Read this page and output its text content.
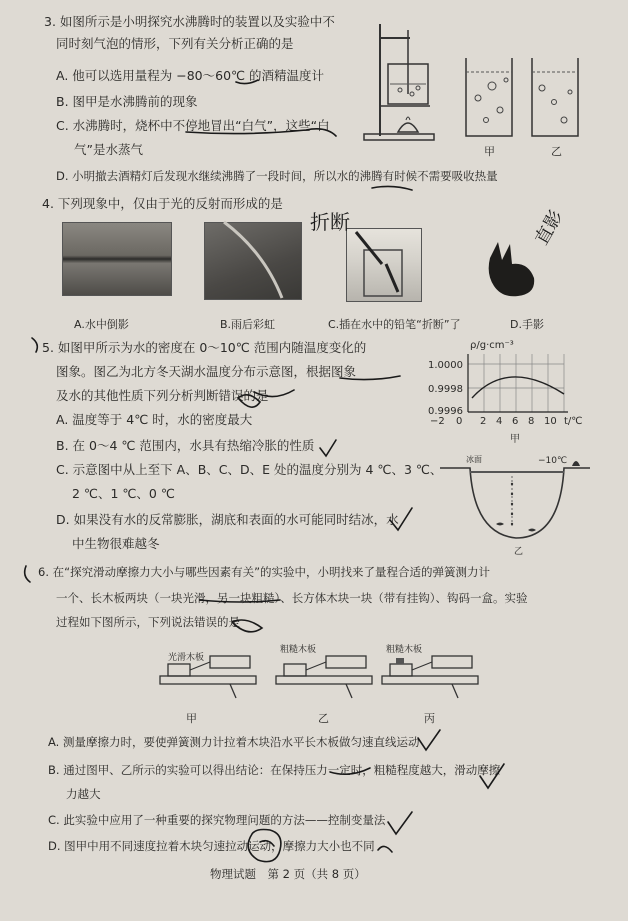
3. 如图所示是小明探究水沸腾时的装置以及实验中不
同时刻气泡的情形，下列有关分析正确的是
A. 他可以选用量程为 −80～60℃ 的酒精温度计
B. 图甲是水沸腾前的现象
C. 水沸腾时，烧杯中不停地冒出“白气”，这些“白
气”是水蒸气
D. 小明撤去酒精灯后发现水继续沸腾了一段时间，所以水的沸腾有时候不需要吸收热量
甲	乙
4. 下列现象中，仅由于光的反射而形成的是
A.水中倒影	B.雨后彩虹	C.插在水中的铅笔“折断”了	D.手影
5. 如图甲所示为水的密度在 0～10℃ 范围内随温度变化的
图象。图乙为北方冬天湖水温度分布示意图，根据图象
及水的其他性质下列分析判断错误的是
A. 温度等于 4℃ 时，水的密度最大
B. 在 0～4 ℃ 范围内，水具有热缩冷胀的性质
C. 示意图中从上至下 A、B、C、D、E 处的温度分别为 4 ℃、3 ℃、
2 ℃、1 ℃、0 ℃
D. 如果没有水的反常膨胀，湖底和表面的水可能同时结冰，水
中生物很难越冬
ρ/g·cm⁻³
1.0000
0.9998
0.9996
−2 0 2 4 6 8 10 t/℃
甲
冰面	−10℃
乙
6. 在“探究滑动摩擦力大小与哪些因素有关”的实验中，小明找来了量程合适的弹簧测力计
一个、长木板两块（一块光滑，另一块粗糙）、长方体木块一块（带有挂钩）、钩码一盒。实验
过程如下图所示，下列说法错误的是
光滑木板
甲
粗糙木板
乙
粗糙木板
丙
A. 测量摩擦力时，要使弹簧测力计拉着木块沿水平长木板做匀速直线运动
B. 通过图甲、乙所示的实验可以得出结论：在保持压力一定时，粗糙程度越大，滑动摩擦
力越大
C. 此实验中应用了一种重要的探究物理问题的方法——控制变量法
D. 图甲中用不同速度拉着木块匀速拉动运动，摩擦力大小也不同
物理试题　第 2 页（共 8 页）
折断	直影
